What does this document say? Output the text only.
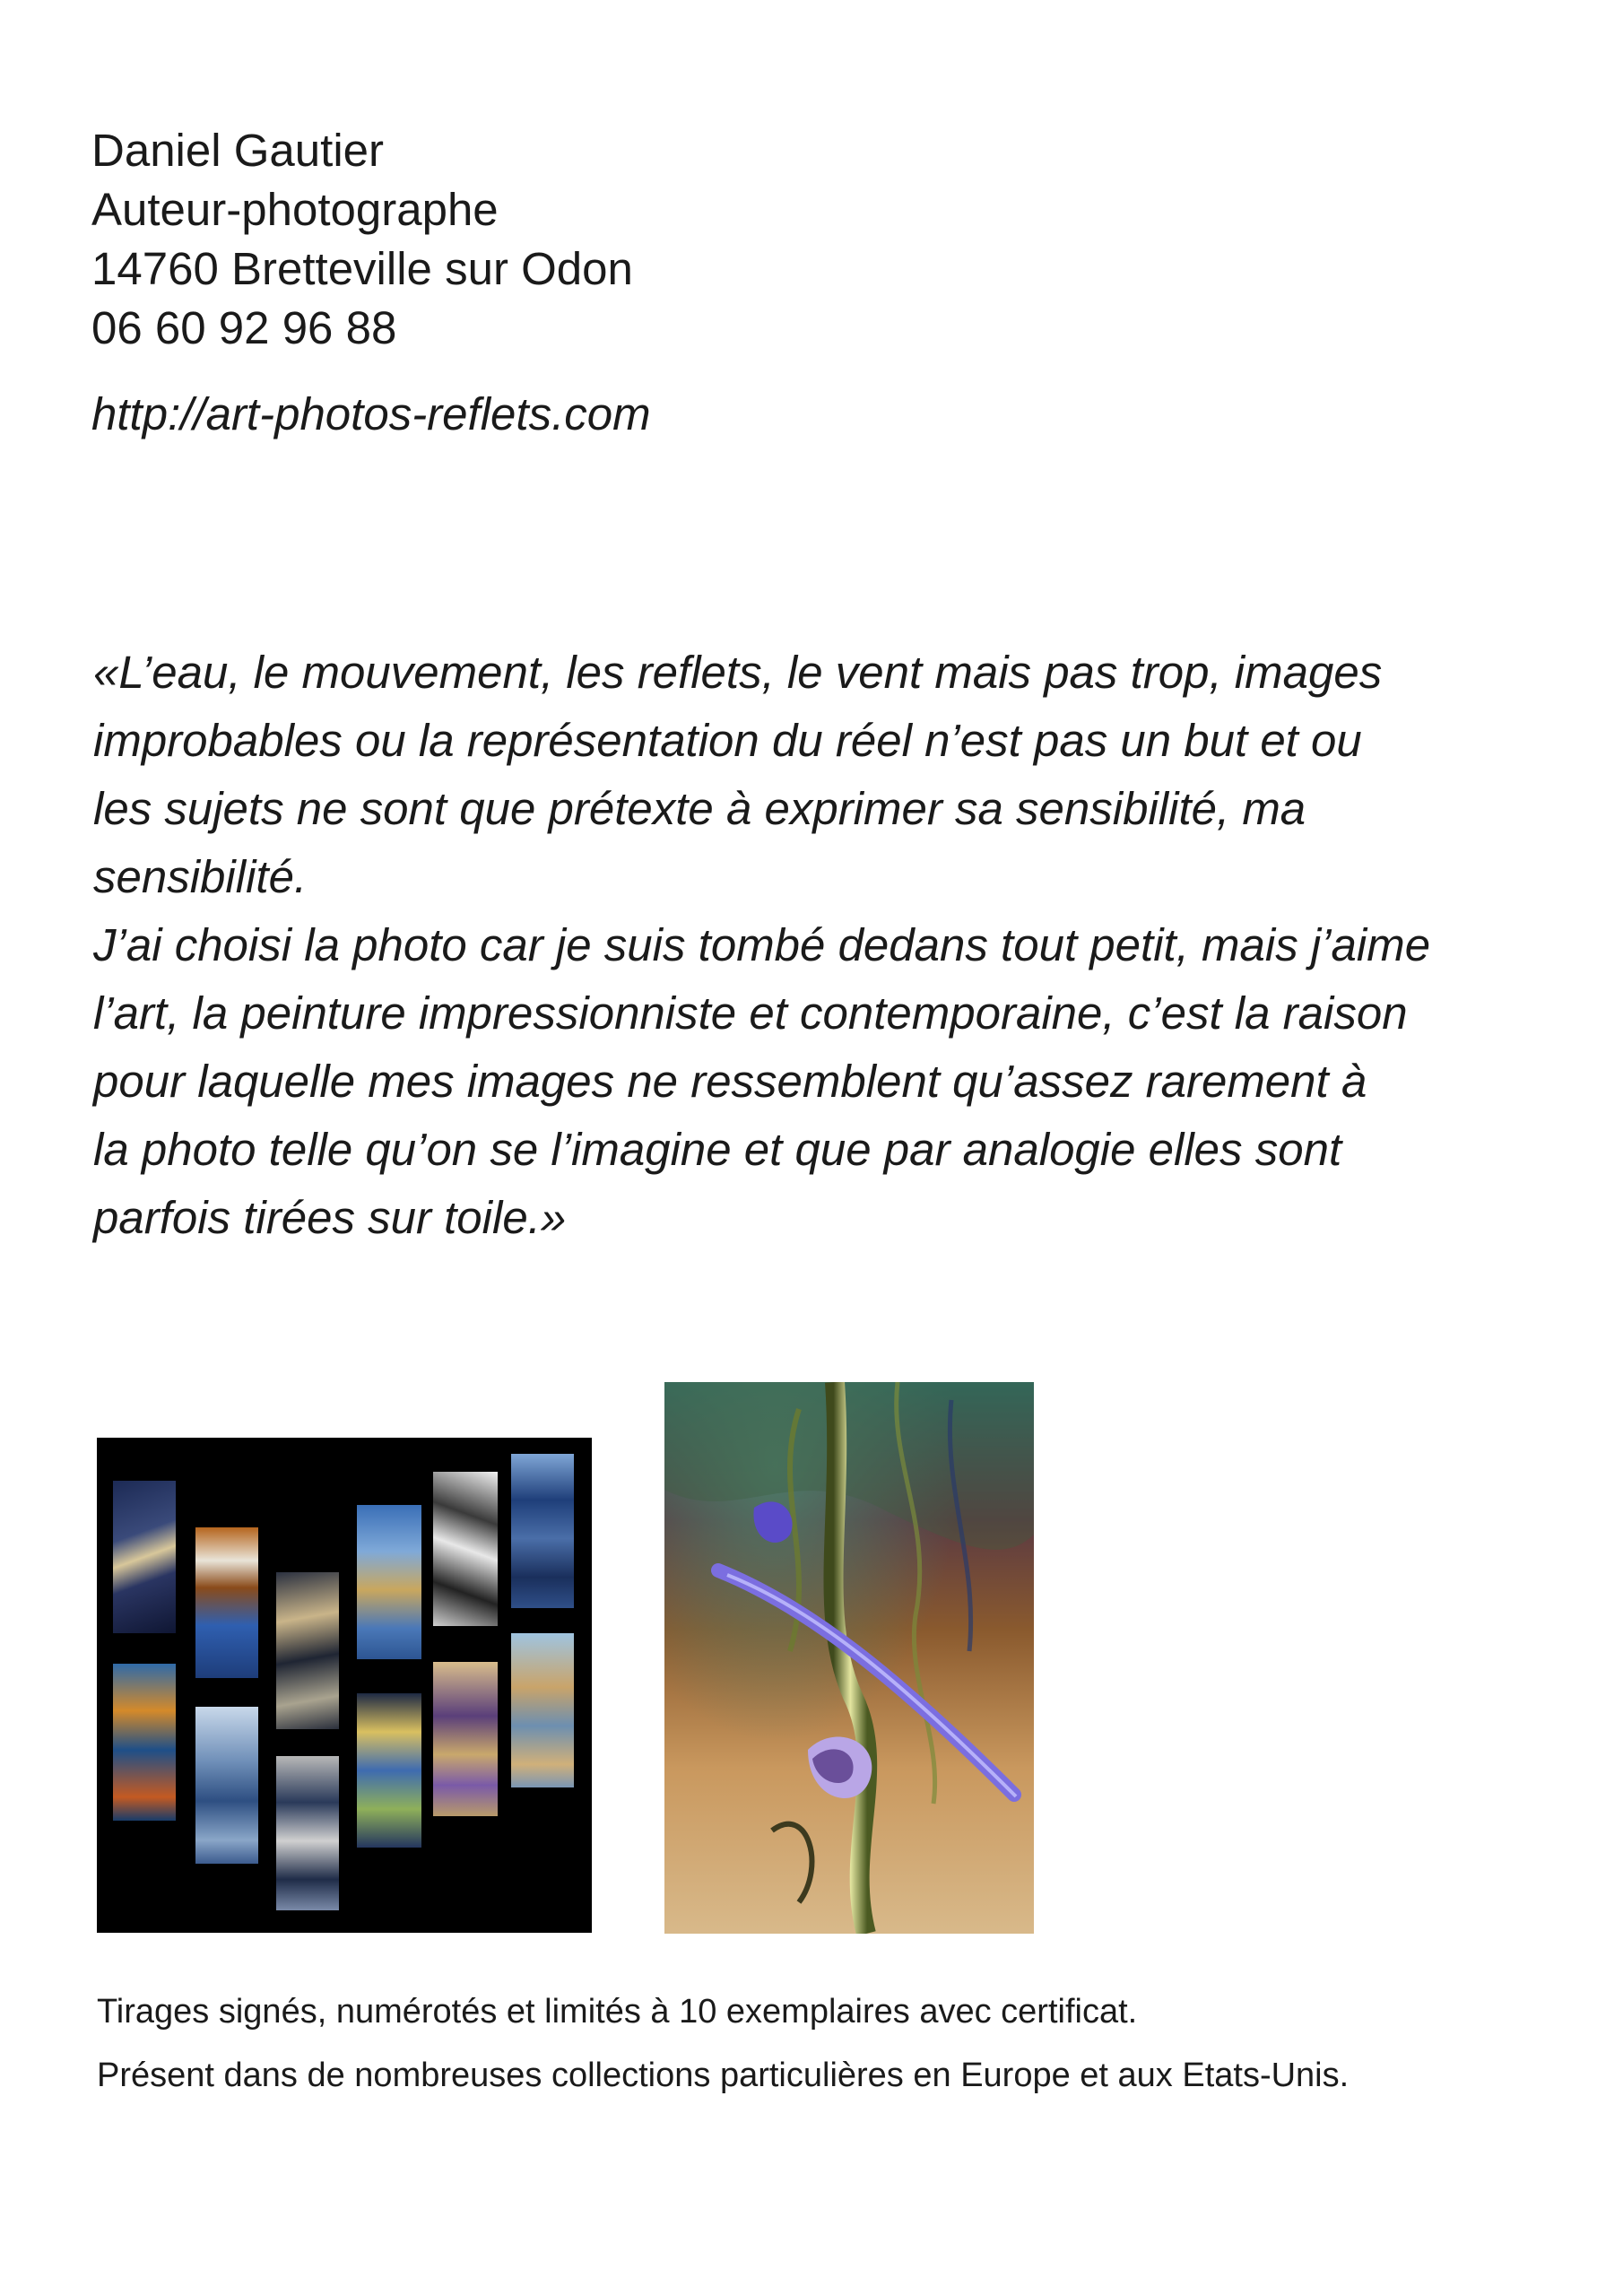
Daniel Gautier
Auteur-photographe
14760 Bretteville sur Odon
06 60 92 96 88
http://art-photos-reflets.com
«L’eau, le mouvement, les reflets, le vent mais pas trop, images
improbables ou la représentation du réel n’est pas un but et ou
les sujets ne sont que prétexte à exprimer sa sensibilité, ma
sensibilité.
J’ai choisi la photo car je suis tombé dedans tout petit, mais j’aime
l’art, la peinture impressionniste et contemporaine, c’est la raison
pour laquelle mes images ne ressemblent qu’assez rarement à
la photo telle qu’on se l’imagine et que par analogie elles sont
parfois tirées sur toile.»
Tirages signés, numérotés et limités à 10 exemplaires avec certificat.
Présent dans de nombreuses collections particulières en Europe et aux Etats-Unis.
